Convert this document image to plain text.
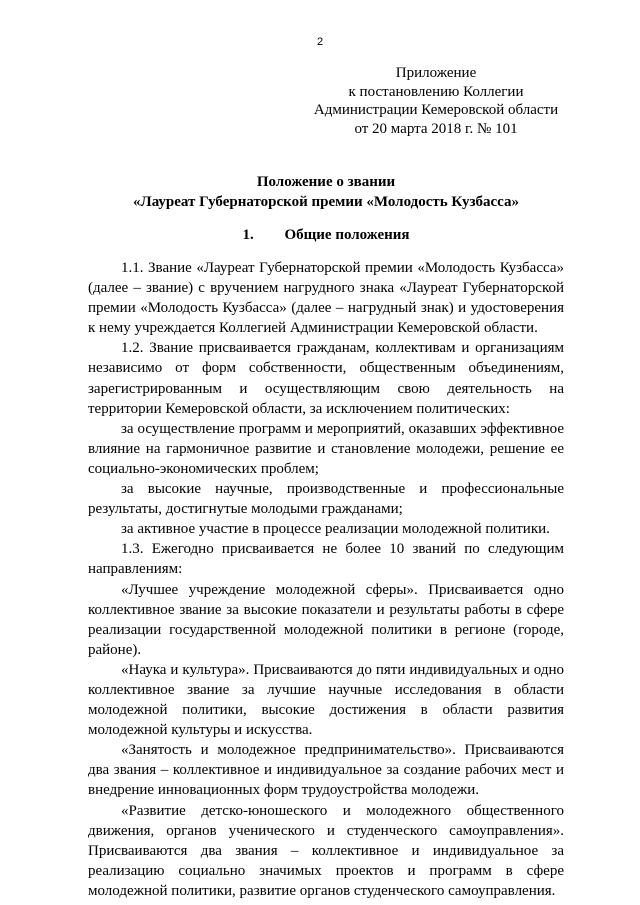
2
Приложение
к постановлению Коллегии
Администрации Кемеровской области
от 20 марта 2018 г. № 101
Положение о звании
«Лауреат Губернаторской премии «Молодость Кузбасса»
1. Общие положения

1.1. Звание «Лауреат Губернаторской премии «Молодость Кузбасса» (далее – звание) с вручением нагрудного знака «Лауреат Губернаторской премии «Молодость Кузбасса» (далее – нагрудный знак) и удостоверения к нему учреждается Коллегией Администрации Кемеровской области.

1.2. Звание присваивается гражданам, коллективам и организациям независимо от форм собственности, общественным объединениям, зарегистрированным и осуществляющим свою деятельность на территории Кемеровской области, за исключением политических:

за осуществление программ и мероприятий, оказавших эффективное влияние на гармоничное развитие и становление молодежи, решение ее социально-экономических проблем;

за высокие научные, производственные и профессиональные результаты, достигнутые молодыми гражданами;

за активное участие в процессе реализации молодежной политики.

1.3. Ежегодно присваивается не более 10 званий по следующим направлениям:

«Лучшее учреждение молодежной сферы». Присваивается одно коллективное звание за высокие показатели и результаты работы в сфере реализации государственной молодежной политики в регионе (городе, районе).

«Наука и культура». Присваиваются до пяти индивидуальных и одно коллективное звание за лучшие научные исследования в области молодежной политики, высокие достижения в области развития молодежной культуры и искусства.

«Занятость и молодежное предпринимательство». Присваиваются два звания – коллективное и индивидуальное за создание рабочих мест и внедрение инновационных форм трудоустройства молодежи.

«Развитие детско-юношеского и молодежного общественного движения, органов ученического и студенческого самоуправления». Присваиваются два звания – коллективное и индивидуальное за реализацию социально значимых проектов и программ в сфере молодежной политики, развитие органов студенческого самоуправления.
